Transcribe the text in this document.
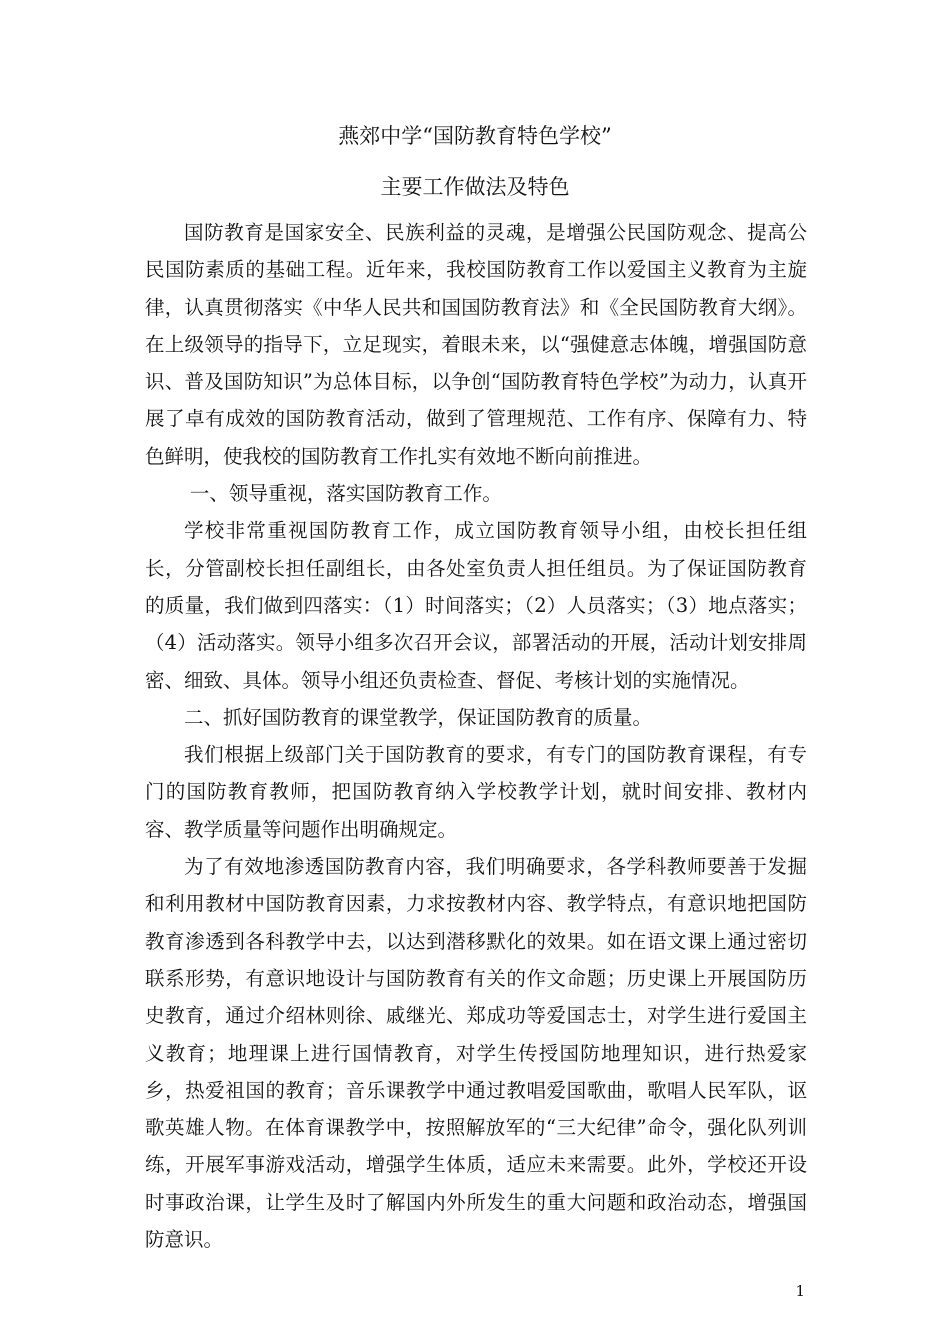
燕郊中学“国防教育特色学校”
主要工作做法及特色

国防教育是国家安全、民族利益的灵魂，是增强公民国防观念、提高公民国防素质的基础工程。近年来，我校国防教育工作以爱国主义教育为主旋律，认真贯彻落实《中华人民共和国国防教育法》和《全民国防教育大纲》。在上级领导的指导下，立足现实，着眼未来，以“强健意志体魄，增强国防意识、普及国防知识”为总体目标，以争创“国防教育特色学校”为动力，认真开展了卓有成效的国防教育活动，做到了管理规范、工作有序、保障有力、特色鲜明，使我校的国防教育工作扎实有效地不断向前推进。

一、领导重视，落实国防教育工作。

学校非常重视国防教育工作，成立国防教育领导小组，由校长担任组长，分管副校长担任副组长，由各处室负责人担任组员。为了保证国防教育的质量，我们做到四落实：（1）时间落实；（2）人员落实；（3）地点落实；（4）活动落实。领导小组多次召开会议，部署活动的开展，活动计划安排周密、细致、具体。领导小组还负责检查、督促、考核计划的实施情况。

二、抓好国防教育的课堂教学，保证国防教育的质量。

我们根据上级部门关于国防教育的要求，有专门的国防教育课程，有专门的国防教育教师，把国防教育纳入学校教学计划，就时间安排、教材内容、教学质量等问题作出明确规定。

为了有效地渗透国防教育内容，我们明确要求，各学科教师要善于发掘和利用教材中国防教育因素，力求按教材内容、教学特点，有意识地把国防教育渗透到各科教学中去，以达到潜移默化的效果。如在语文课上通过密切联系形势，有意识地设计与国防教育有关的作文命题；历史课上开展国防历史教育，通过介绍林则徐、戚继光、郑成功等爱国志士，对学生进行爱国主义教育；地理课上进行国情教育，对学生传授国防地理知识，进行热爱家乡，热爱祖国的教育；音乐课教学中通过教唱爱国歌曲，歌唱人民军队，讴歌英雄人物。在体育课教学中，按照解放军的“三大纪律”命令，强化队列训练，开展军事游戏活动，增强学生体质，适应未来需要。此外，学校还开设时事政治课，让学生及时了解国内外所发生的重大问题和政治动态，增强国防意识。

1
